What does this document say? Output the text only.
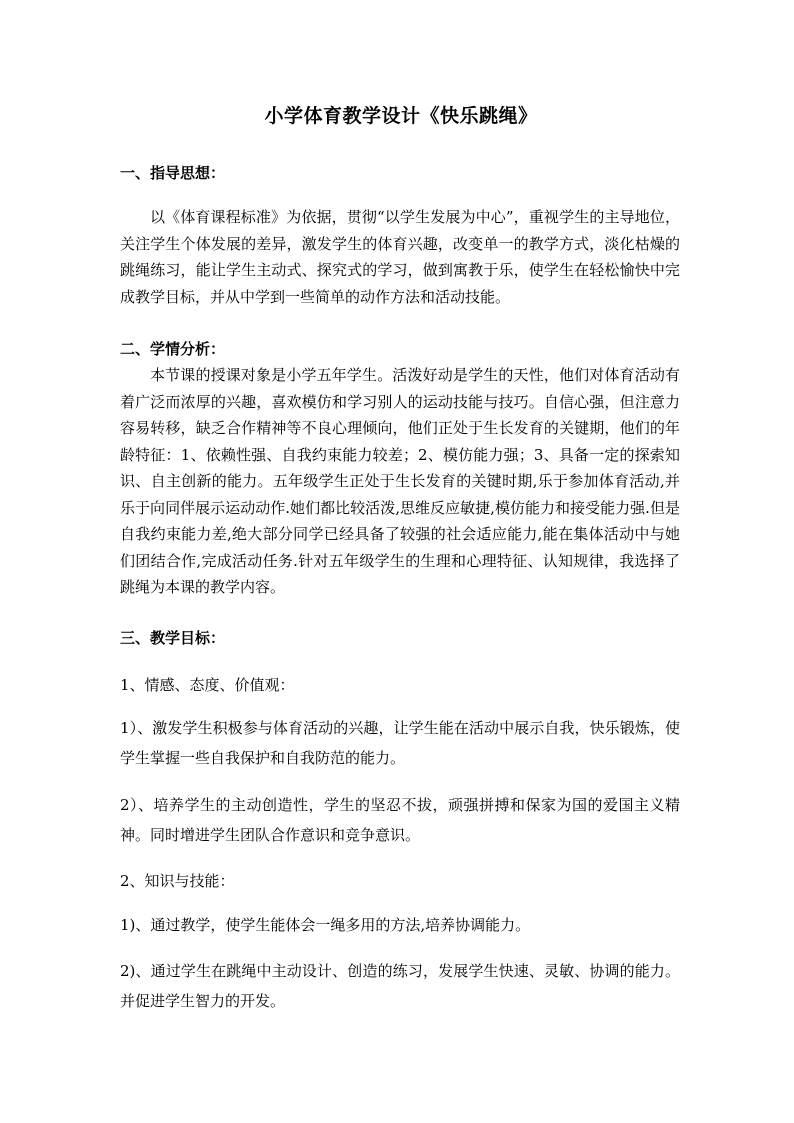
小学体育教学设计《快乐跳绳》
一、指导思想：
以《体育课程标准》为依据，贯彻“以学生发展为中心”，重视学生的主导地位，关注学生个体发展的差异，激发学生的体育兴趣，改变单一的教学方式，淡化枯燥的跳绳练习，能让学生主动式、探究式的学习，做到寓教于乐，使学生在轻松愉快中完成教学目标，并从中学到一些简单的动作方法和活动技能。
二、学情分析：
本节课的授课对象是小学五年学生。活泼好动是学生的天性，他们对体育活动有着广泛而浓厚的兴趣，喜欢模仿和学习别人的运动技能与技巧。自信心强，但注意力容易转移，缺乏合作精神等不良心理倾向，他们正处于生长发育的关键期，他们的年龄特征：1、依赖性强、自我约束能力较差；2、模仿能力强；3、具备一定的探索知识、自主创新的能力。五年级学生正处于生长发育的关键时期,乐于参加体育活动,并乐于向同伴展示运动动作.她们都比较活泼,思维反应敏捷,模仿能力和接受能力强.但是自我约束能力差,绝大部分同学已经具备了较强的社会适应能力,能在集体活动中与她们团结合作,完成活动任务.针对五年级学生的生理和心理特征、认知规律，我选择了跳绳为本课的教学内容。
三、教学目标：
1、情感、态度、价值观：
1）、激发学生积极参与体育活动的兴趣，让学生能在活动中展示自我，快乐锻炼，使学生掌握一些自我保护和自我防范的能力。
2）、培养学生的主动创造性，学生的坚忍不拔，顽强拼搏和保家为国的爱国主义精神。同时增进学生团队合作意识和竞争意识。
2、知识与技能：
1)、通过教学，使学生能体会一绳多用的方法,培养协调能力。
2)、通过学生在跳绳中主动设计、创造的练习，发展学生快速、灵敏、协调的能力。并促进学生智力的开发。
